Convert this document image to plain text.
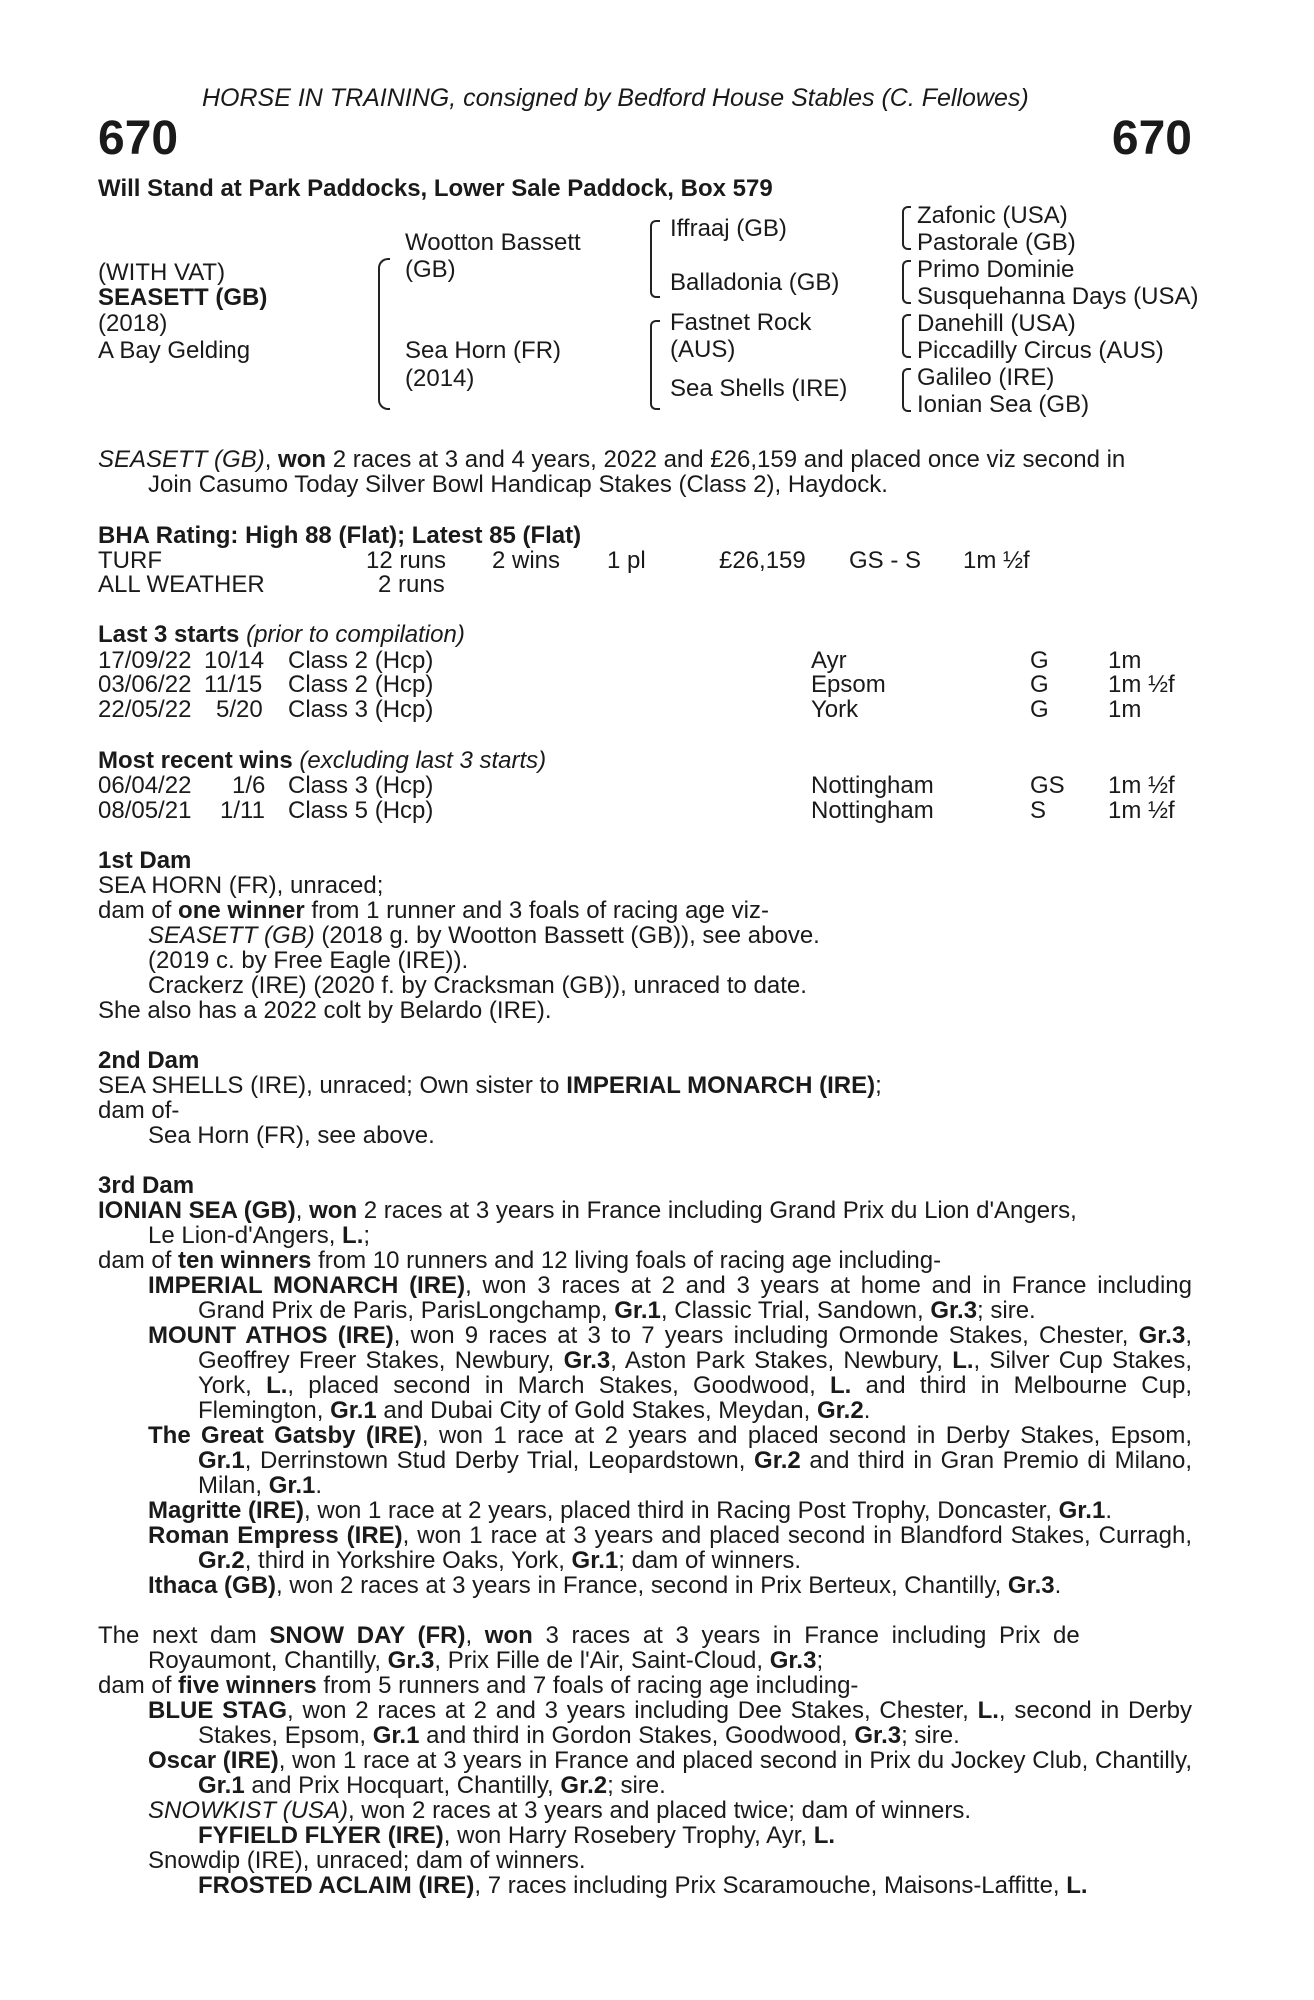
HORSE IN TRAINING, consigned by Bedford House Stables (C. Fellowes)
670	670
Will Stand at Park Paddocks, Lower Sale Paddock, Box 579
(WITH VAT)
SEASETT (GB)
(2018)
A Bay Gelding
Wootton Bassett
(GB)
Sea Horn (FR)
(2014)
Iffraaj (GB)
Balladonia (GB)
Fastnet Rock
(AUS)
Sea Shells (IRE)
Zafonic (USA)
Pastorale (GB)
Primo Dominie
Susquehanna Days (USA)
Danehill (USA)
Piccadilly Circus (AUS)
Galileo (IRE)
Ionian Sea (GB)
SEASETT (GB), won 2 races at 3 and 4 years, 2022 and £26,159 and placed once viz second in
Join Casumo Today Silver Bowl Handicap Stakes (Class 2), Haydock.
BHA Rating: High 88 (Flat); Latest 85 (Flat)
TURF	12 runs 2 wins 1 pl	£26,159 GS - S 1m ½f
ALL WEATHER	2 runs
Last 3 starts (prior to compilation)
17/09/22 10/14 Class 2 (Hcp)	Ayr	G 1m
03/06/22 11/15 Class 2 (Hcp)	Epsom	G 1m ½f
22/05/22 5/20 Class 3 (Hcp)	York	G 1m
Most recent wins (excluding last 3 starts)
06/04/22 1/6 Class 3 (Hcp)	Nottingham	GS 1m ½f
08/05/21 1/11 Class 5 (Hcp)	Nottingham	S	1m ½f
1st Dam
SEA HORN (FR), unraced;
dam of one winner from 1 runner and 3 foals of racing age viz-
SEASETT (GB) (2018 g. by Wootton Bassett (GB)), see above.
(2019 c. by Free Eagle (IRE)).
Crackerz (IRE) (2020 f. by Cracksman (GB)), unraced to date.
She also has a 2022 colt by Belardo (IRE).
2nd Dam
SEA SHELLS (IRE), unraced; Own sister to IMPERIAL MONARCH (IRE);
dam of-
Sea Horn (FR), see above.
3rd Dam
IONIAN SEA (GB), won 2 races at 3 years in France including Grand Prix du Lion d'Angers,
Le Lion-d'Angers, L.;
dam of ten winners from 10 runners and 12 living foals of racing age including-

IMPERIAL MONARCH (IRE), won 3 races at 2 and 3 years at home and in France including Grand Prix de Paris, ParisLongchamp, Gr.1, Classic Trial, Sandown, Gr.3; sire.

MOUNT ATHOS (IRE), won 9 races at 3 to 7 years including Ormonde Stakes, Chester, Gr.3, Geoffrey Freer Stakes, Newbury, Gr.3, Aston Park Stakes, Newbury, L., Silver Cup Stakes, York, L., placed second in March Stakes, Goodwood, L. and third in Melbourne Cup, Flemington, Gr.1 and Dubai City of Gold Stakes, Meydan, Gr.2.

The Great Gatsby (IRE), won 1 race at 2 years and placed second in Derby Stakes, Epsom, Gr.1, Derrinstown Stud Derby Trial, Leopardstown, Gr.2 and third in Gran Premio di Milano, Milan, Gr.1.

Magritte (IRE), won 1 race at 2 years, placed third in Racing Post Trophy, Doncaster, Gr.1.

Roman Empress (IRE), won 1 race at 3 years and placed second in Blandford Stakes, Curragh, Gr.2, third in Yorkshire Oaks, York, Gr.1; dam of winners.

Ithaca (GB), won 2 races at 3 years in France, second in Prix Berteux, Chantilly, Gr.3.

The next dam SNOW DAY (FR), won 3 races at 3 years in France including Prix de
Royaumont, Chantilly, Gr.3, Prix Fille de l'Air, Saint-Cloud, Gr.3;
dam of five winners from 5 runners and 7 foals of racing age including-

BLUE STAG, won 2 races at 2 and 3 years including Dee Stakes, Chester, L., second in Derby Stakes, Epsom, Gr.1 and third in Gordon Stakes, Goodwood, Gr.3; sire.

Oscar (IRE), won 1 race at 3 years in France and placed second in Prix du Jockey Club, Chantilly, Gr.1 and Prix Hocquart, Chantilly, Gr.2; sire.

SNOWKIST (USA), won 2 races at 3 years and placed twice; dam of winners.
FYFIELD FLYER (IRE), won Harry Rosebery Trophy, Ayr, L.
Snowdip (IRE), unraced; dam of winners.
FROSTED ACLAIM (IRE), 7 races including Prix Scaramouche, Maisons-Laffitte, L.
